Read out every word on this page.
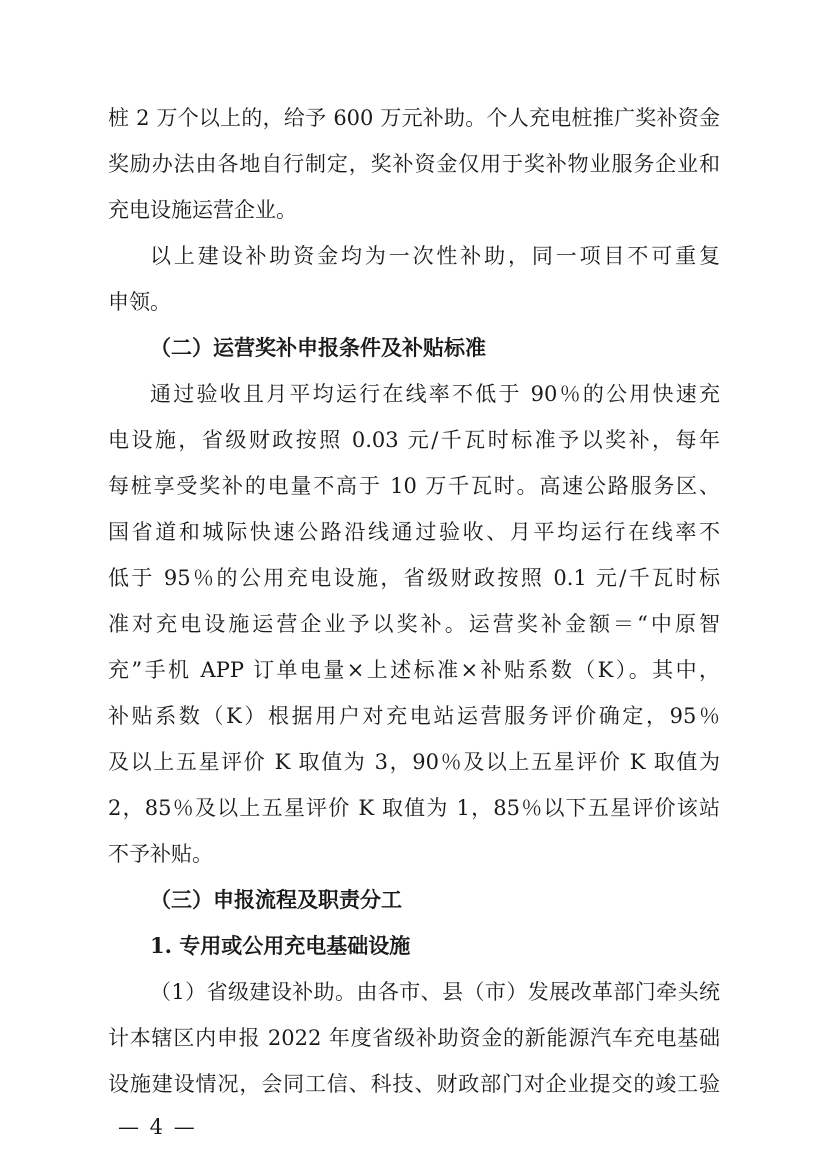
桩 2 万个以上的，给予 600 万元补助。个人充电桩推广奖补资金
奖励办法由各地自行制定，奖补资金仅用于奖补物业服务企业和
充电设施运营企业。
以上建设补助资金均为一次性补助，同一项目不可重复
申领。
（二）运营奖补申报条件及补贴标准
通过验收且月平均运行在线率不低于 90％的公用快速充
电设施，省级财政按照 0.03 元/千瓦时标准予以奖补，每年
每桩享受奖补的电量不高于 10 万千瓦时。高速公路服务区、
国省道和城际快速公路沿线通过验收、月平均运行在线率不
低于 95％的公用充电设施，省级财政按照 0.1 元/千瓦时标
准对充电设施运营企业予以奖补。运营奖补金额＝“中原智
充”手机 APP 订单电量×上述标准×补贴系数（K）。其中，
补贴系数（K）根据用户对充电站运营服务评价确定，95％
及以上五星评价 K 取值为 3，90％及以上五星评价 K 取值为
2，85％及以上五星评价 K 取值为 1，85％以下五星评价该站
不予补贴。
（三）申报流程及职责分工
1. 专用或公用充电基础设施
（1）省级建设补助。由各市、县（市）发展改革部门牵头统
计本辖区内申报 2022 年度省级补助资金的新能源汽车充电基础
设施建设情况，会同工信、科技、财政部门对企业提交的竣工验
— 4 —
